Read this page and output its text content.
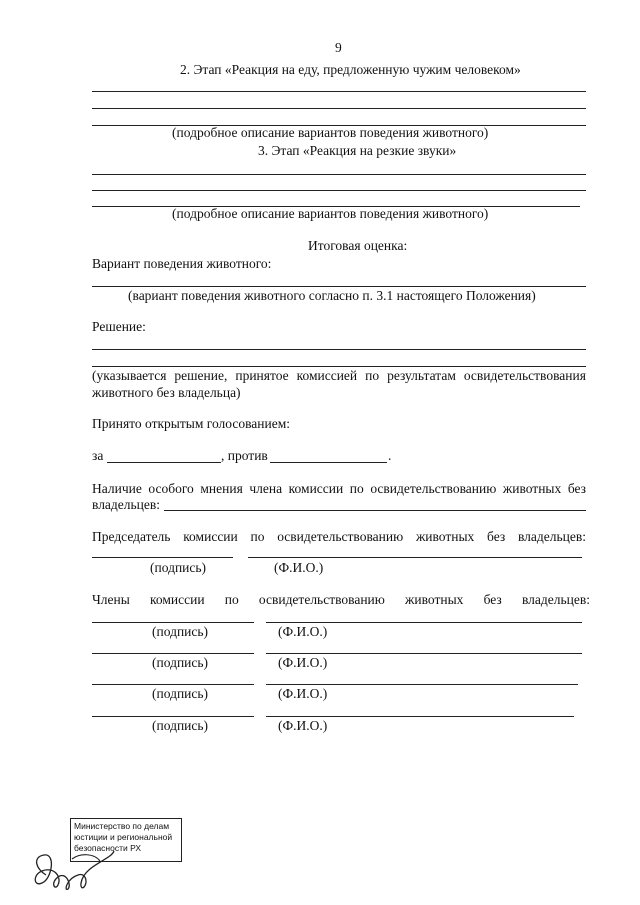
9
2. Этап «Реакция на еду, предложенную чужим человеком»
(подробное описание вариантов поведения животного)
3. Этап «Реакция на резкие звуки»
(подробное описание вариантов поведения животного)
Итоговая оценка:
Вариант поведения животного:
(вариант поведения животного согласно п. 3.1 настоящего Положения)
Решение:
(указывается решение, принятое комиссией по результатам освидетельствования
животного без владельца)
Принято открытым голосованием:
за	, против	.
Наличие особого мнения члена комиссии по освидетельствованию животных без
владельцев:
Председатель комиссии по освидетельствованию животных без владельцев:
(подпись)	(Ф.И.О.)
Члены комиссии по освидетельствованию животных без владельцев:
(подпись)	(Ф.И.О.)
(подпись)	(Ф.И.О.)
(подпись)	(Ф.И.О.)
(подпись)	(Ф.И.О.)
Министерство по делам
юстиции и региональной
безопасности РХ
